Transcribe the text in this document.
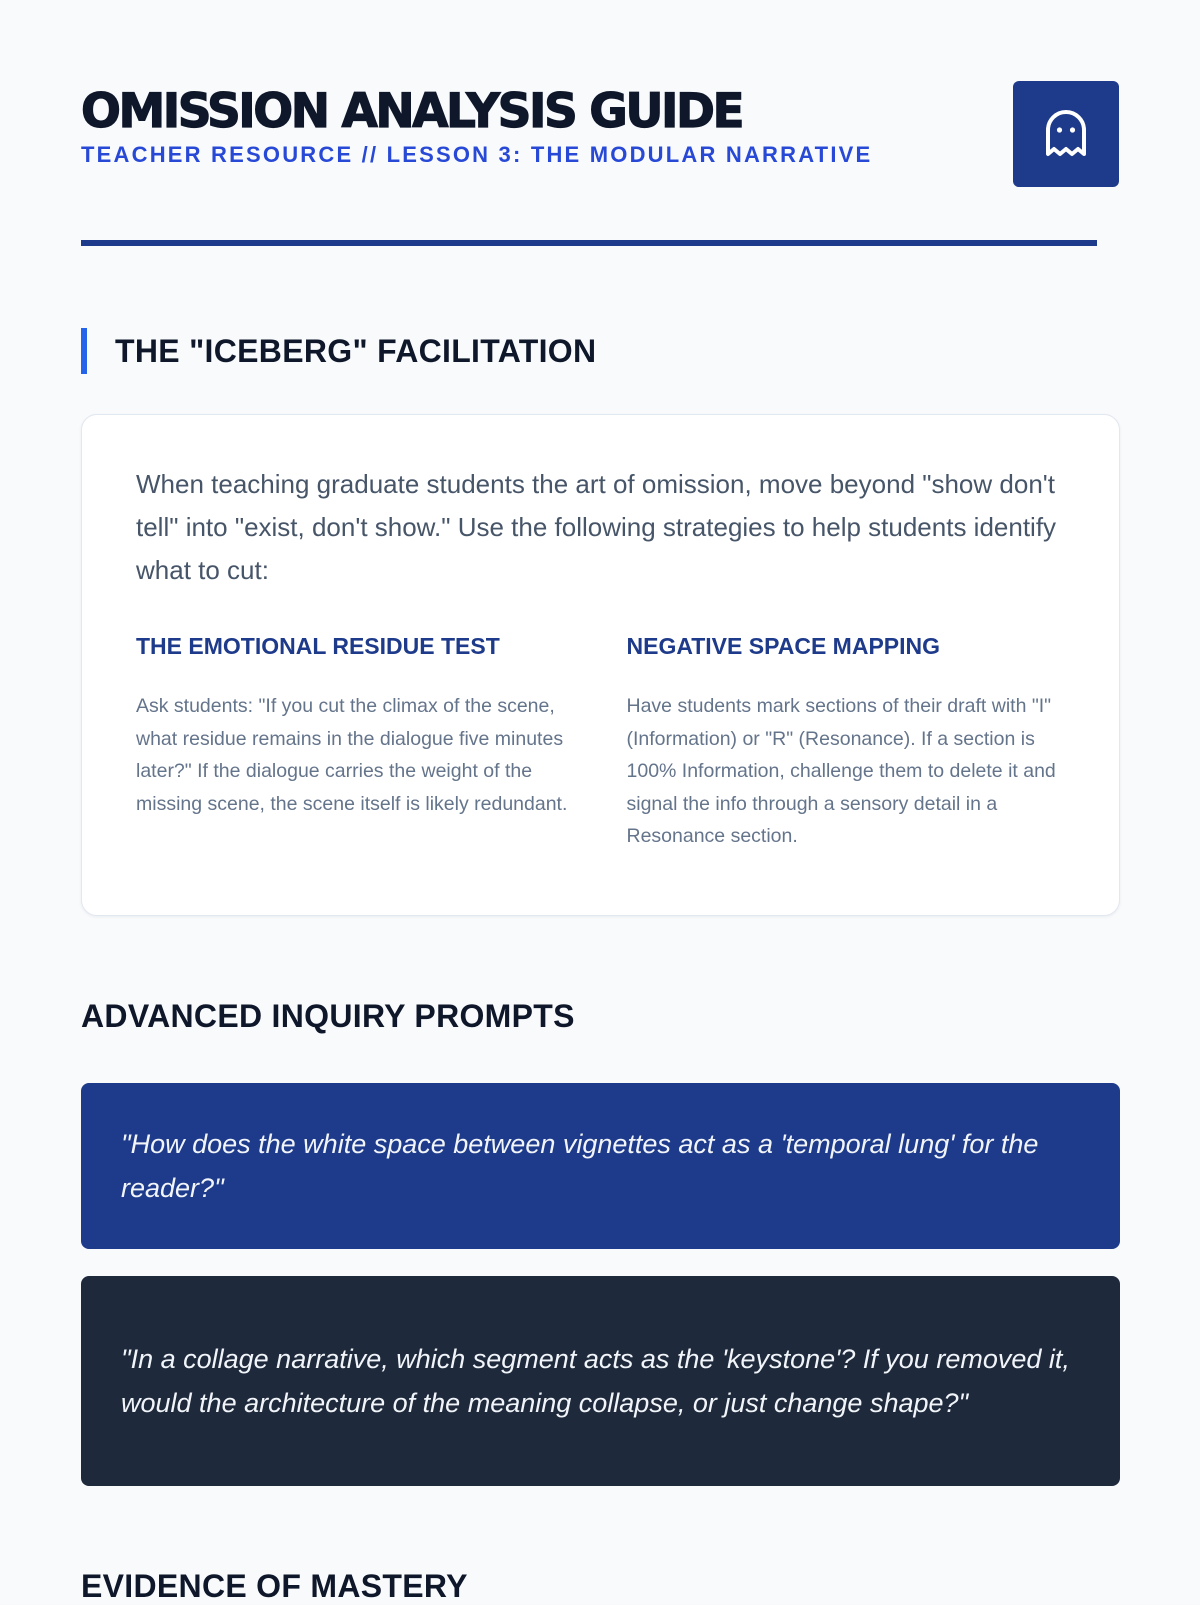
OMISSION ANALYSIS GUIDE
TEACHER RESOURCE // LESSON 3: THE MODULAR NARRATIVE
THE "ICEBERG" FACILITATION

When teaching graduate students the art of omission, move beyond "show don't tell" into "exist, don't show." Use the following strategies to help students identify what to cut:

THE EMOTIONAL RESIDUE TEST

Ask students: "If you cut the climax of the scene, what residue remains in the dialogue five minutes later?" If the dialogue carries the weight of the missing scene, the scene itself is likely redundant.

NEGATIVE SPACE MAPPING

Have students mark sections of their draft with "I" (Information) or "R" (Resonance). If a section is 100% Information, challenge them to delete it and signal the info through a sensory detail in a Resonance section.

ADVANCED INQUIRY PROMPTS

"How does the white space between vignettes act as a 'temporal lung' for the reader?"

"In a collage narrative, which segment acts as the 'keystone'? If you removed it, would the architecture of the meaning collapse, or just change shape?"

EVIDENCE OF MASTERY
